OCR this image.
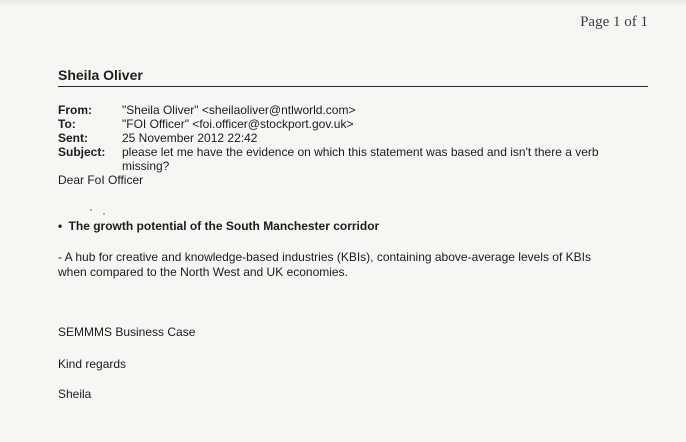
Page 1 of 1
Sheila Oliver
From:	"Sheila Oliver" <sheilaoliver@ntlworld.com>
To:	"FOI Officer" <foi.officer@stockport.gov.uk>
Sent:	25 November 2012 22:42
Subject:	please let me have the evidence on which this statement was based and isn't there a verb missing?
Dear FoI Officer
• The growth potential of the South Manchester corridor
- A hub for creative and knowledge-based industries (KBIs), containing above-average levels of KBIs when compared to the North West and UK economies.
SEMMMS Business Case
Kind regards
Sheila
